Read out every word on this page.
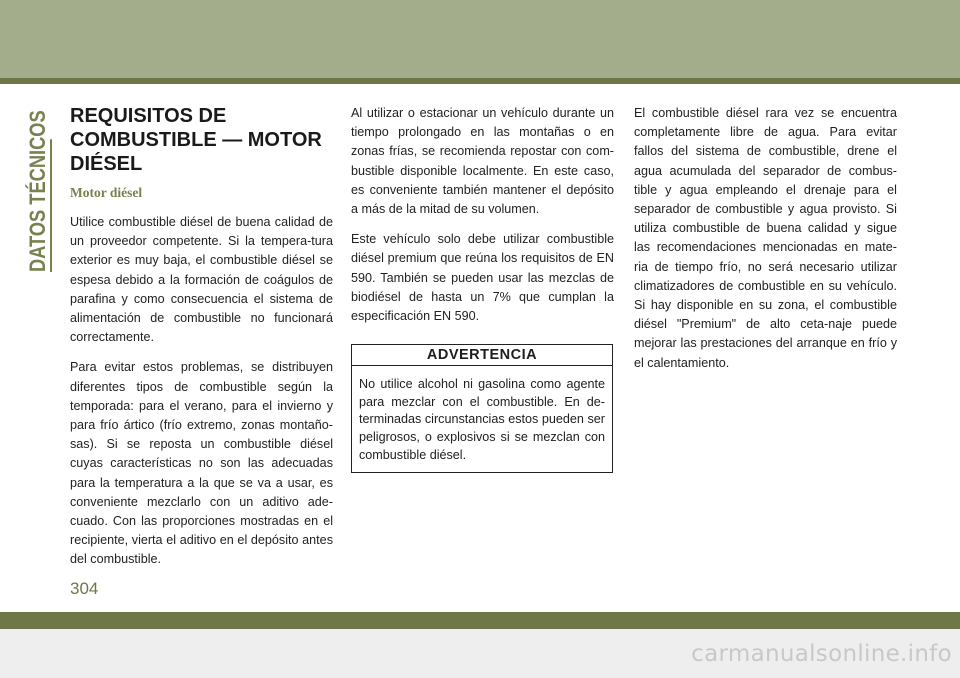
DATOS TÉCNICOS REQUISITOS DE
COMBUSTIBLE — MOTOR
DIÉSEL
Motor diésel

Utilice combustible diésel de buena calidad de un proveedor competente. Si la tempera-tura exterior es muy baja, el combustible diésel se espesa debido a la formación de coágulos de parafina y como consecuencia el sistema de alimentación de combustible no funcionará correctamente.

Para evitar estos problemas, se distribuyen diferentes tipos de combustible según la temporada: para el verano, para el invierno y para frío ártico (frío extremo, zonas montaño-sas). Si se reposta un combustible diésel cuyas características no son las adecuadas para la temperatura a la que se va a usar, es conveniente mezclarlo con un aditivo ade-cuado. Con las proporciones mostradas en el recipiente, vierta el aditivo en el depósito antes del combustible.

Al utilizar o estacionar un vehículo durante un tiempo prolongado en las montañas o en zonas frías, se recomienda repostar con com-bustible disponible localmente. En este caso, es conveniente también mantener el depósito a más de la mitad de su volumen.

Este vehículo solo debe utilizar combustible diésel premium que reúna los requisitos de EN 590. También se pueden usar las mezclas de biodiésel de hasta un 7% que cumplan la especificación EN 590.

ADVERTENCIA
No utilice alcohol ni gasolina como agente para mezclar con el combustible. En de-terminadas circunstancias estos pueden ser peligrosos, o explosivos si se mezclan con combustible diésel.

El combustible diésel rara vez se encuentra completamente libre de agua. Para evitar fallos del sistema de combustible, drene el agua acumulada del separador de combus-tible y agua empleando el drenaje para el separador de combustible y agua provisto. Si utiliza combustible de buena calidad y sigue las recomendaciones mencionadas en mate-ria de tiempo frío, no será necesario utilizar climatizadores de combustible en su vehículo. Si hay disponible en su zona, el combustible diésel "Premium" de alto ceta-naje puede mejorar las prestaciones del arranque en frío y el calentamiento.

304
carmanualsonline.info
